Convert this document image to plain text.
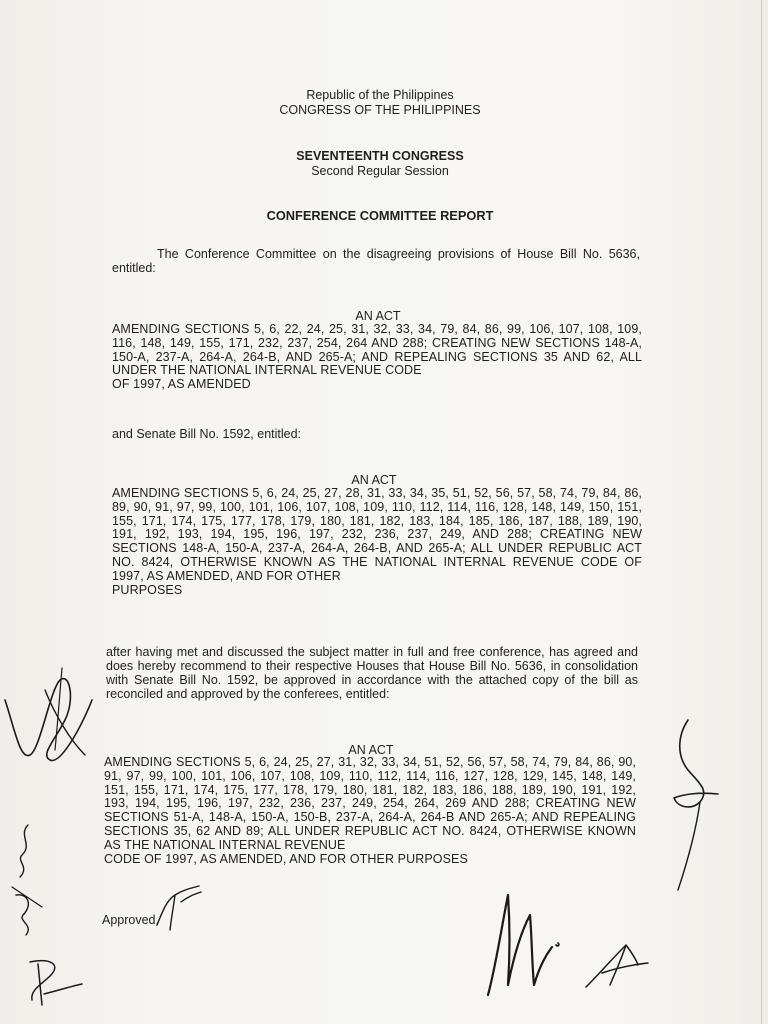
Republic of the Philippines
CONGRESS OF THE PHILIPPINES
SEVENTEENTH CONGRESS
Second Regular Session
CONFERENCE COMMITTEE REPORT
The Conference Committee on the disagreeing provisions of House Bill No. 5636, entitled:
AN ACT
AMENDING SECTIONS 5, 6, 22, 24, 25, 31, 32, 33, 34, 79, 84, 86, 99, 106, 107, 108, 109, 116, 148, 149, 155, 171, 232, 237, 254, 264 AND 288; CREATING NEW SECTIONS 148-A, 150-A, 237-A, 264-A, 264-B, AND 265-A; AND REPEALING SECTIONS 35 AND 62, ALL UNDER THE NATIONAL INTERNAL REVENUE CODE
OF 1997, AS AMENDED
and Senate Bill No. 1592, entitled:
AN ACT
AMENDING SECTIONS 5, 6, 24, 25, 27, 28, 31, 33, 34, 35, 51, 52, 56, 57, 58, 74, 79, 84, 86, 89, 90, 91, 97, 99, 100, 101, 106, 107, 108, 109, 110, 112, 114, 116, 128, 148, 149, 150, 151, 155, 171, 174, 175, 177, 178, 179, 180, 181, 182, 183, 184, 185, 186, 187, 188, 189, 190, 191, 192, 193, 194, 195, 196, 197, 232, 236, 237, 249, AND 288; CREATING NEW SECTIONS 148-A, 150-A, 237-A, 264-A, 264-B, AND 265-A; ALL UNDER REPUBLIC ACT NO. 8424, OTHERWISE KNOWN AS THE NATIONAL INTERNAL REVENUE CODE OF 1997, AS AMENDED, AND FOR OTHER
PURPOSES
after having met and discussed the subject matter in full and free conference, has agreed and does hereby recommend to their respective Houses that House Bill No. 5636, in consolidation with Senate Bill No. 1592, be approved in accordance with the attached copy of the bill as reconciled and approved by the conferees, entitled:
AN ACT
AMENDING SECTIONS 5, 6, 24, 25, 27, 31, 32, 33, 34, 51, 52, 56, 57, 58, 74, 79, 84, 86, 90, 91, 97, 99, 100, 101, 106, 107, 108, 109, 110, 112, 114, 116, 127, 128, 129, 145, 148, 149, 151, 155, 171, 174, 175, 177, 178, 179, 180, 181, 182, 183, 186, 188, 189, 190, 191, 192, 193, 194, 195, 196, 197, 232, 236, 237, 249, 254, 264, 269 AND 288; CREATING NEW SECTIONS 51-A, 148-A, 150-A, 150-B, 237-A, 264-A, 264-B AND 265-A; AND REPEALING SECTIONS 35, 62 AND 89; ALL UNDER REPUBLIC ACT NO. 8424, OTHERWISE KNOWN AS THE NATIONAL INTERNAL REVENUE
CODE OF 1997, AS AMENDED, AND FOR OTHER PURPOSES
Approved,
